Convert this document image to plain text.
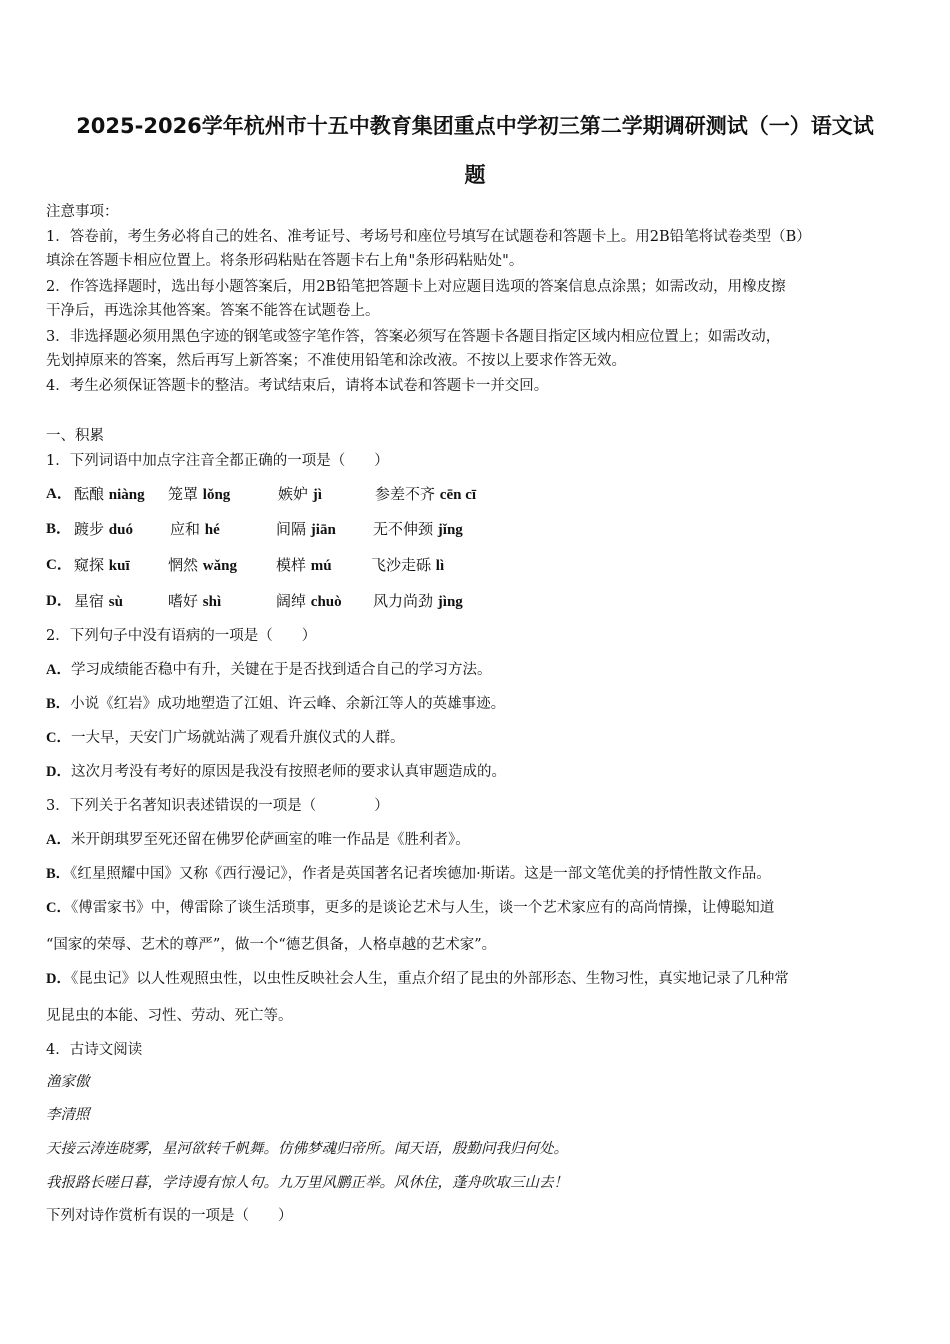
2025-2026学年杭州市十五中教育集团重点中学初三第二学期调研测试（一）语文试
题
注意事项：
1．答卷前，考生务必将自己的姓名、准考证号、考场号和座位号填写在试题卷和答题卡上。用2B铅笔将试卷类型（B）
填涂在答题卡相应位置上。将条形码粘贴在答题卡右上角"条形码粘贴处"。
2．作答选择题时，选出每小题答案后，用2B铅笔把答题卡上对应题目选项的答案信息点涂黑；如需改动，用橡皮擦
干净后，再选涂其他答案。答案不能答在试题卷上。
3．非选择题必须用黑色字迹的钢笔或签字笔作答，答案必须写在答题卡各题目指定区域内相应位置上；如需改动，
先划掉原来的答案，然后再写上新答案；不准使用铅笔和涂改液。不按以上要求作答无效。
4．考生必须保证答题卡的整洁。考试结束后，请将本试卷和答题卡一并交回。
一、积累
1．下列词语中加点字注音全都正确的一项是（　　）
A． 酝酿 niàng 笼罩 lǒng	嫉妒 jì	参差不齐 cēn cī
B． 踱步 duó 应和 hé	间隔 jiān 无不伸颈 jǐng
C． 窥探 kuī	惘然 wǎng	模样 mú	飞沙走砾 lì
D． 星宿 sù	嗜好 shì	阔绰 chuò 风力尚劲 jìng
2．下列句子中没有语病的一项是（　　）
A．学习成绩能否稳中有升，关键在于是否找到适合自己的学习方法。
B．小说《红岩》成功地塑造了江姐、许云峰、余新江等人的英雄事迹。
C．一大早，天安门广场就站满了观看升旗仪式的人群。
D．这次月考没有考好的原因是我没有按照老师的要求认真审题造成的。
3．下列关于名著知识表述错误的一项是（　　　　）
A．米开朗琪罗至死还留在佛罗伦萨画室的唯一作品是《胜利者》。
B．《红星照耀中国》又称《西行漫记》，作者是英国著名记者埃德加·斯诺。这是一部文笔优美的抒情性散文作品。
C．《傅雷家书》中，傅雷除了谈生活琐事，更多的是谈论艺术与人生，谈一个艺术家应有的高尚情操，让傅聪知道
“国家的荣辱、艺术的尊严”，做一个“德艺俱备，人格卓越的艺术家”。
D．《昆虫记》以人性观照虫性，以虫性反映社会人生，重点介绍了昆虫的外部形态、生物习性，真实地记录了几种常
见昆虫的本能、习性、劳动、死亡等。
4．古诗文阅读
渔家傲
李清照
天接云涛连晓雾，星河欲转千帆舞。仿佛梦魂归帝所。闻天语，殷勤问我归何处。
我报路长嗟日暮，学诗谩有惊人句。九万里风鹏正举。风休住，蓬舟吹取三山去！
下列对诗作赏析有误的一项是（　　）
